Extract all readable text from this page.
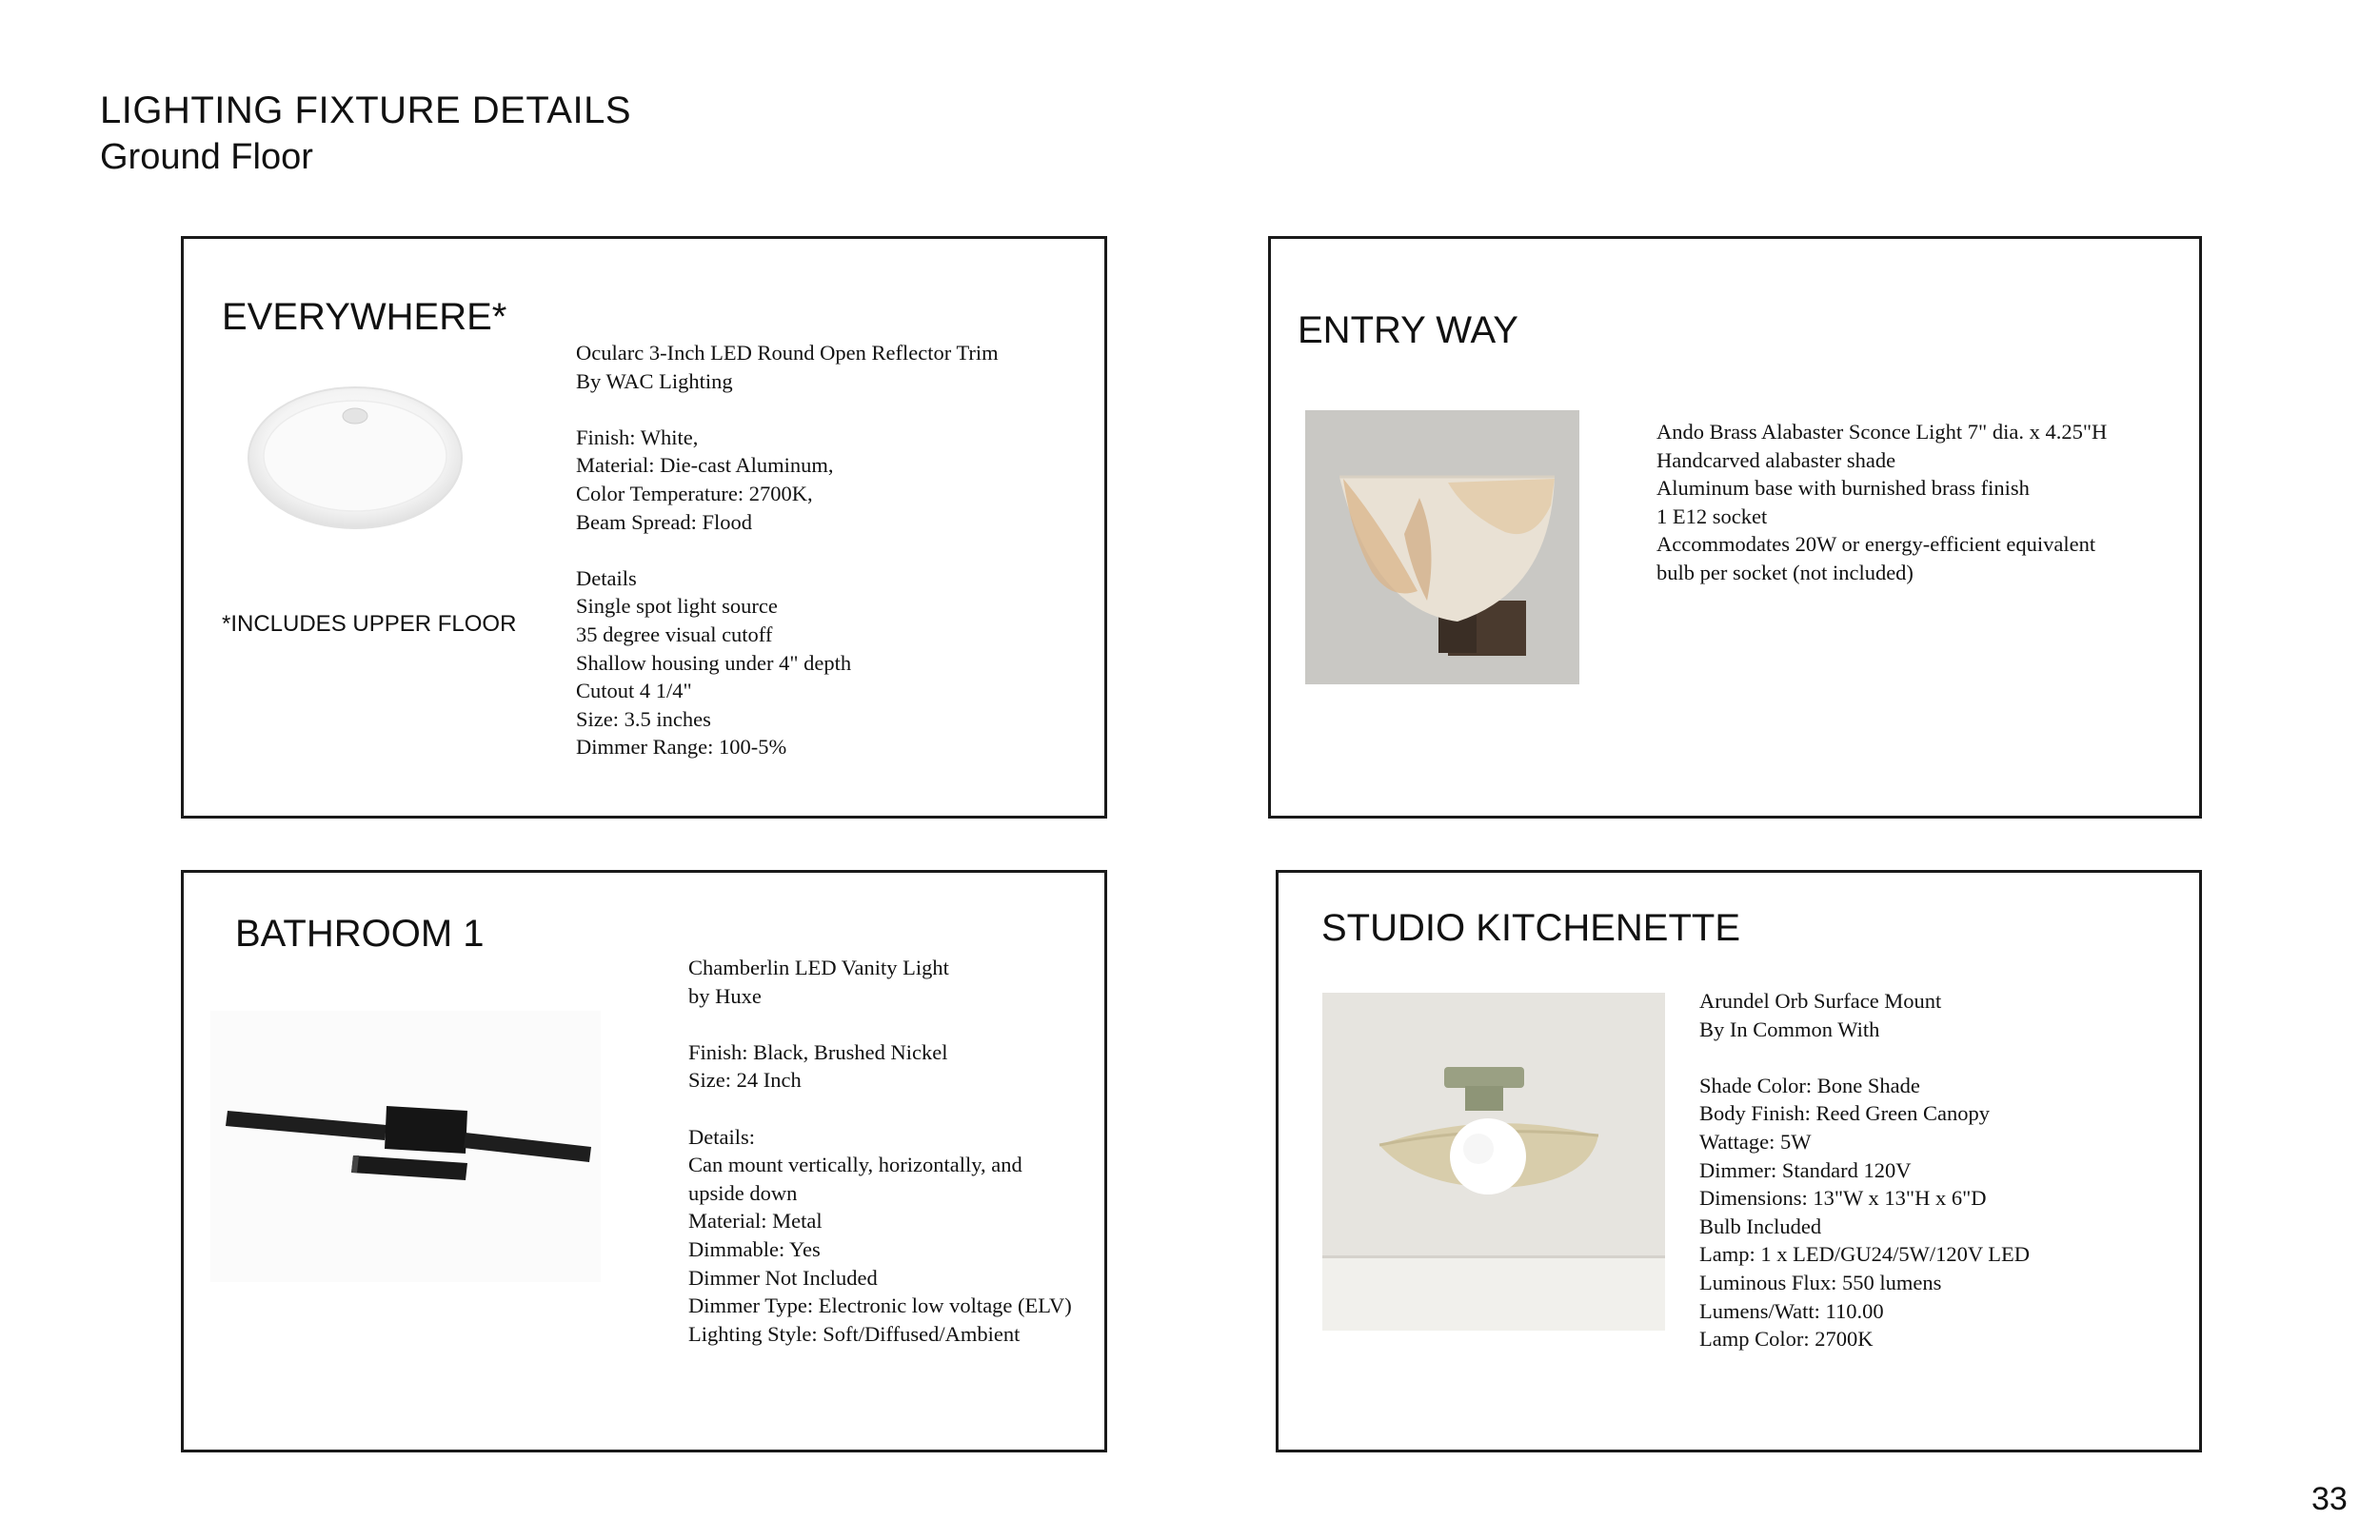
LIGHTING FIXTURE DETAILS
Ground Floor
EVERYWHERE*
*INCLUDES UPPER FLOOR
Ocularc 3-Inch LED Round Open Reflector Trim
By WAC Lighting

Finish: White,
Material: Die-cast Aluminum,
Color Temperature: 2700K,
Beam Spread: Flood

Details
Single spot light source
35 degree visual cutoff
Shallow housing under 4" depth
Cutout 4 1/4"
Size: 3.5 inches
Dimmer Range: 100-5%
ENTRY WAY
Ando Brass Alabaster Sconce Light 7" dia. x 4.25"H
Handcarved alabaster shade
Aluminum base with burnished brass finish
1 E12 socket
Accommodates 20W or energy-efficient equivalent
bulb per socket (not included)
BATHROOM 1
Chamberlin LED Vanity Light
by Huxe

Finish: Black, Brushed Nickel
Size: 24 Inch

Details:
Can mount vertically, horizontally, and
upside down
Material: Metal
Dimmable: Yes
Dimmer Not Included
Dimmer Type: Electronic low voltage (ELV)
Lighting Style: Soft/Diffused/Ambient
STUDIO KITCHENETTE
Arundel Orb Surface Mount
By In Common With

Shade Color: Bone Shade
Body Finish: Reed Green Canopy
Wattage: 5W
Dimmer: Standard 120V
Dimensions: 13"W x 13"H x 6"D
Bulb Included
Lamp: 1 x LED/GU24/5W/120V LED
Luminous Flux: 550 lumens
Lumens/Watt: 110.00
Lamp Color: 2700K
33
